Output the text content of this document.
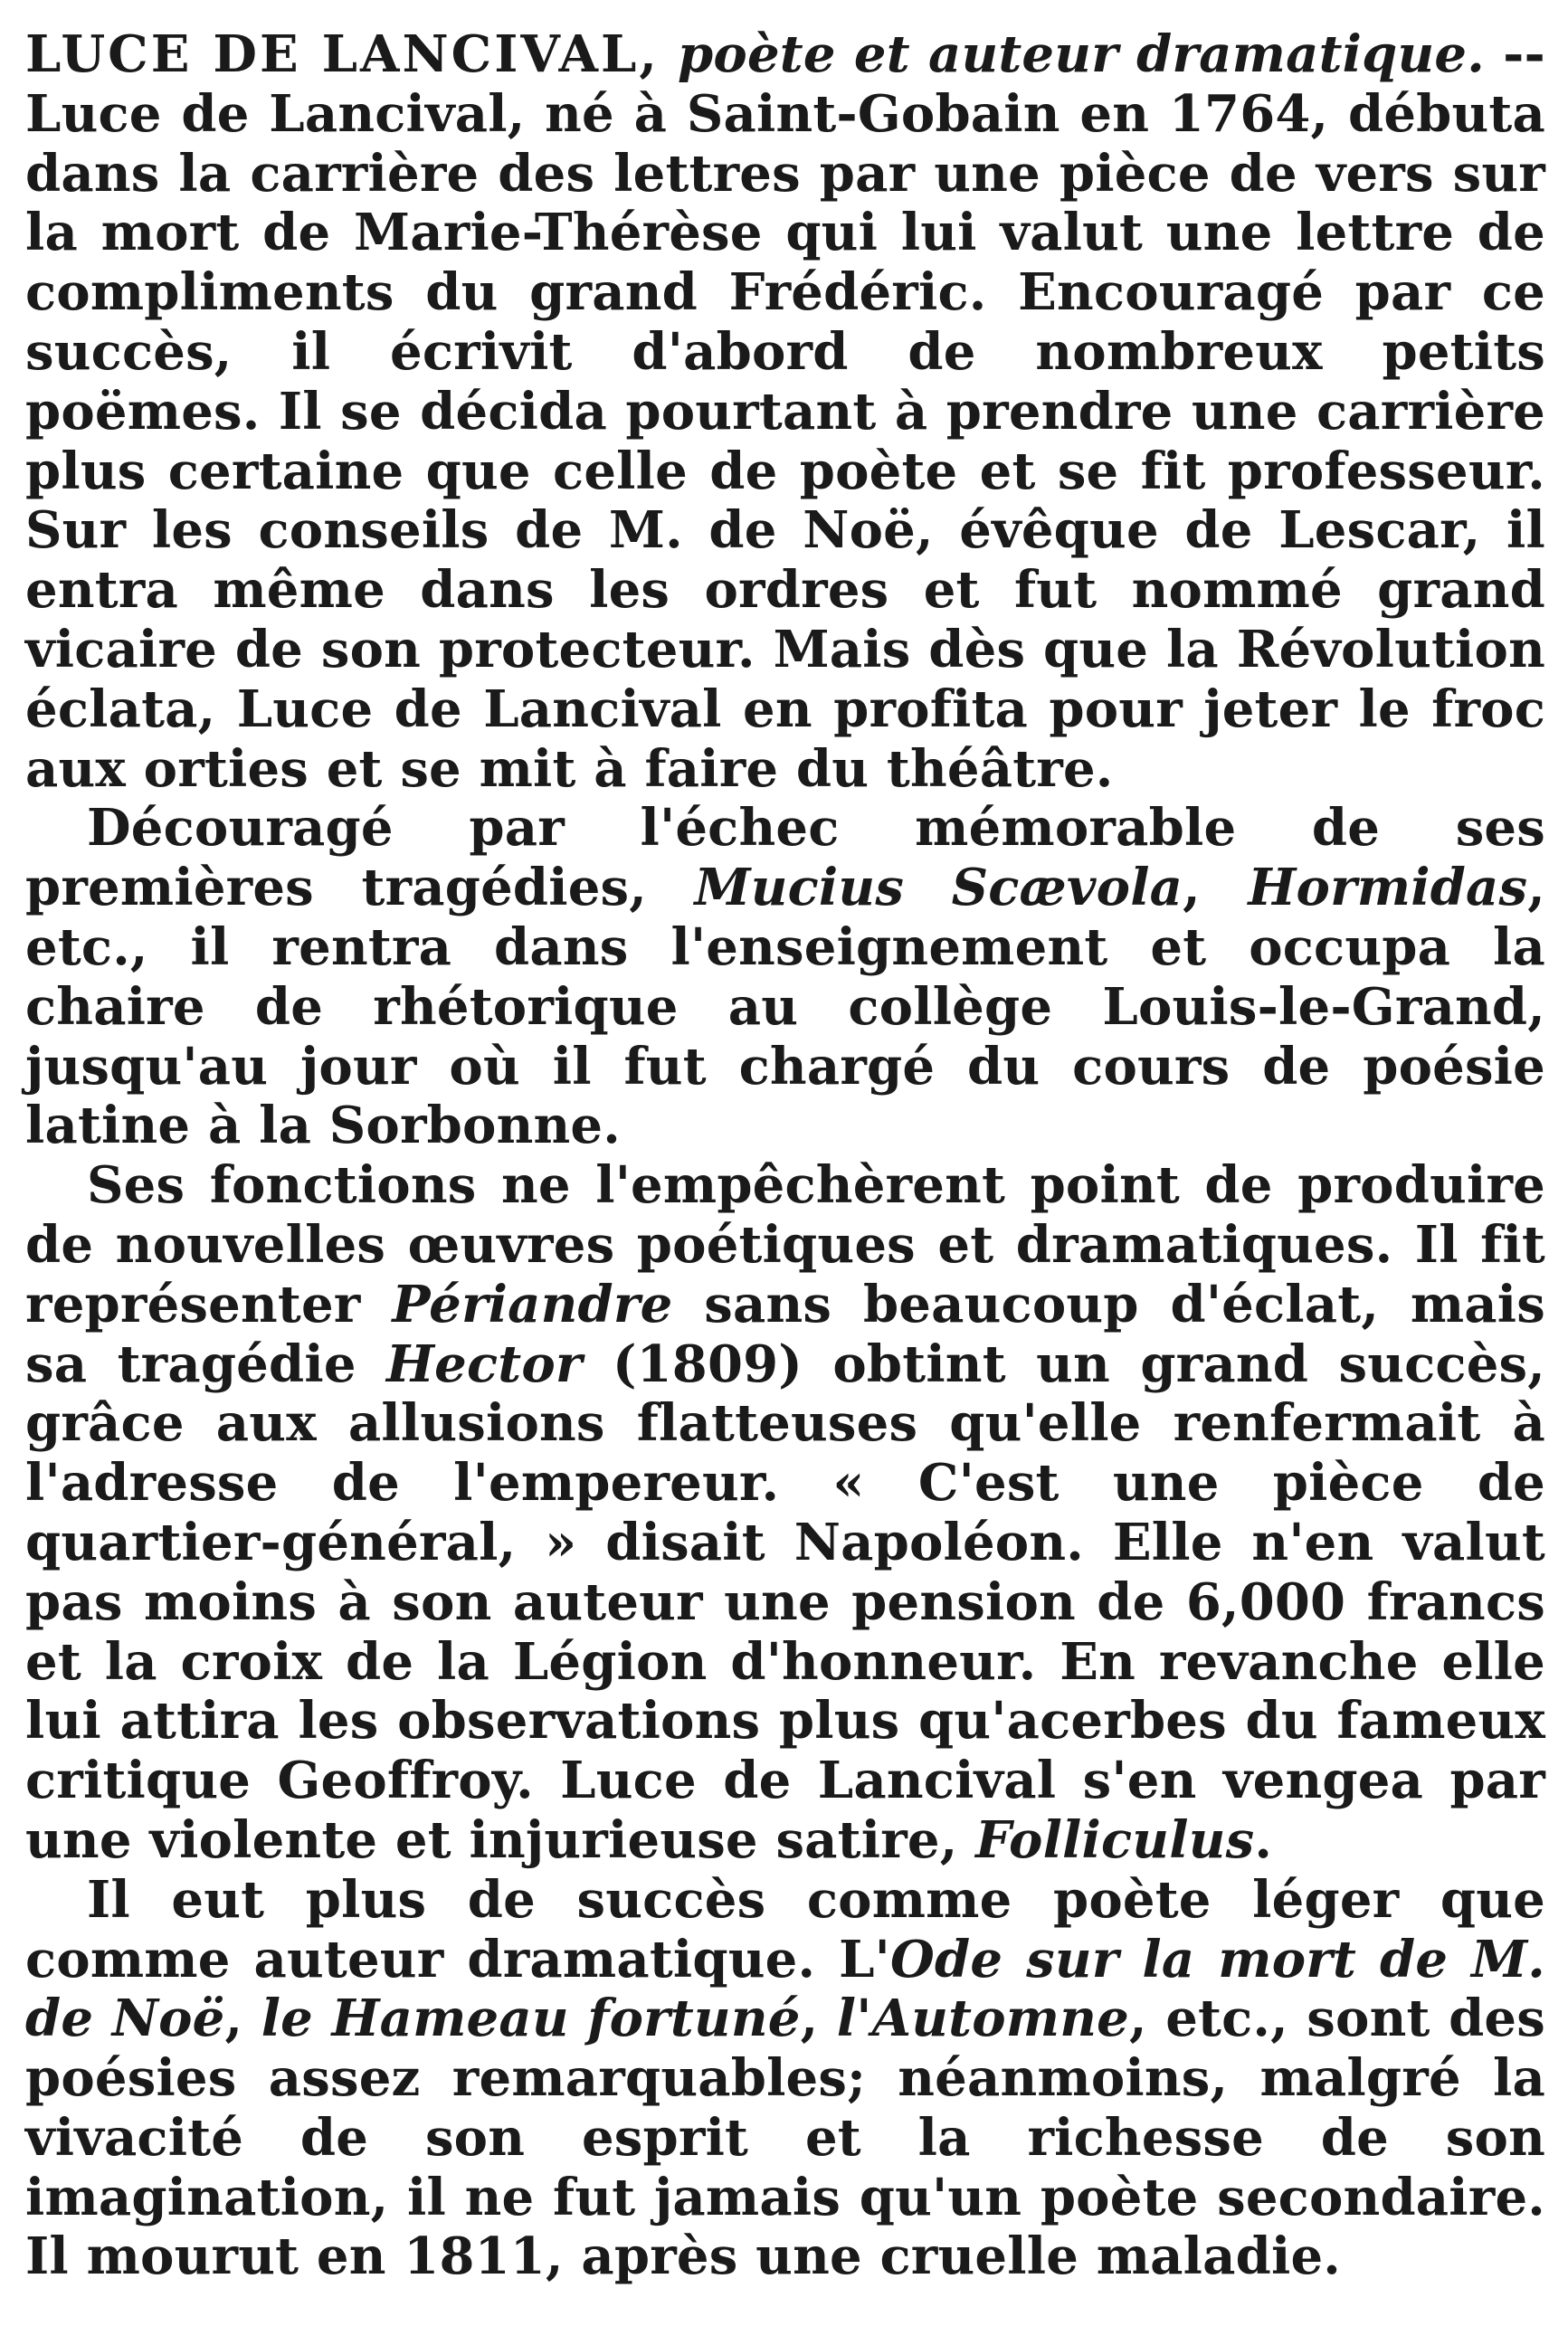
LUCE DE LANCIVAL, poète et auteur dramatique. -- Luce de Lancival, né à Saint-Gobain en 1764, débuta dans la carrière des lettres par une pièce de vers sur la mort de Marie-Thérèse qui lui valut une lettre de compliments du grand Frédéric. Encouragé par ce succès, il écrivit d'abord de nombreux petits poëmes. Il se décida pourtant à prendre une carrière plus certaine que celle de poète et se fit professeur. Sur les conseils de M. de Noë, évêque de Lescar, il entra même dans les ordres et fut nommé grand vicaire de son protecteur. Mais dès que la Révolution éclata, Luce de Lancival en profita pour jeter le froc aux orties et se mit à faire du théâtre.

Découragé par l'échec mémorable de ses premières tragédies, Mucius Scævola, Hormidas, etc., il rentra dans l'enseignement et occupa la chaire de rhétorique au collège Louis-le-Grand, jusqu'au jour où il fut chargé du cours de poésie latine à la Sorbonne.

Ses fonctions ne l'empêchèrent point de produire de nouvelles œuvres poétiques et dramatiques. Il fit représenter Périandre sans beaucoup d'éclat, mais sa tragédie Hector (1809) obtint un grand succès, grâce aux allusions flatteuses qu'elle renfermait à l'adresse de l'empereur. « C'est une pièce de quartier-général, » disait Napoléon. Elle n'en valut pas moins à son auteur une pension de 6,000 francs et la croix de la Légion d'honneur. En revanche elle lui attira les observations plus qu'acerbes du fameux critique Geoffroy. Luce de Lancival s'en vengea par une violente et injurieuse satire, Folliculus.

Il eut plus de succès comme poète léger que comme auteur dramatique. L'Ode sur la mort de M. de Noë, le Hameau fortuné, l'Automne, etc., sont des poésies assez remarquables; néanmoins, malgré la vivacité de son esprit et la richesse de son imagination, il ne fut jamais qu'un poète secondaire. Il mourut en 1811, après une cruelle maladie.
